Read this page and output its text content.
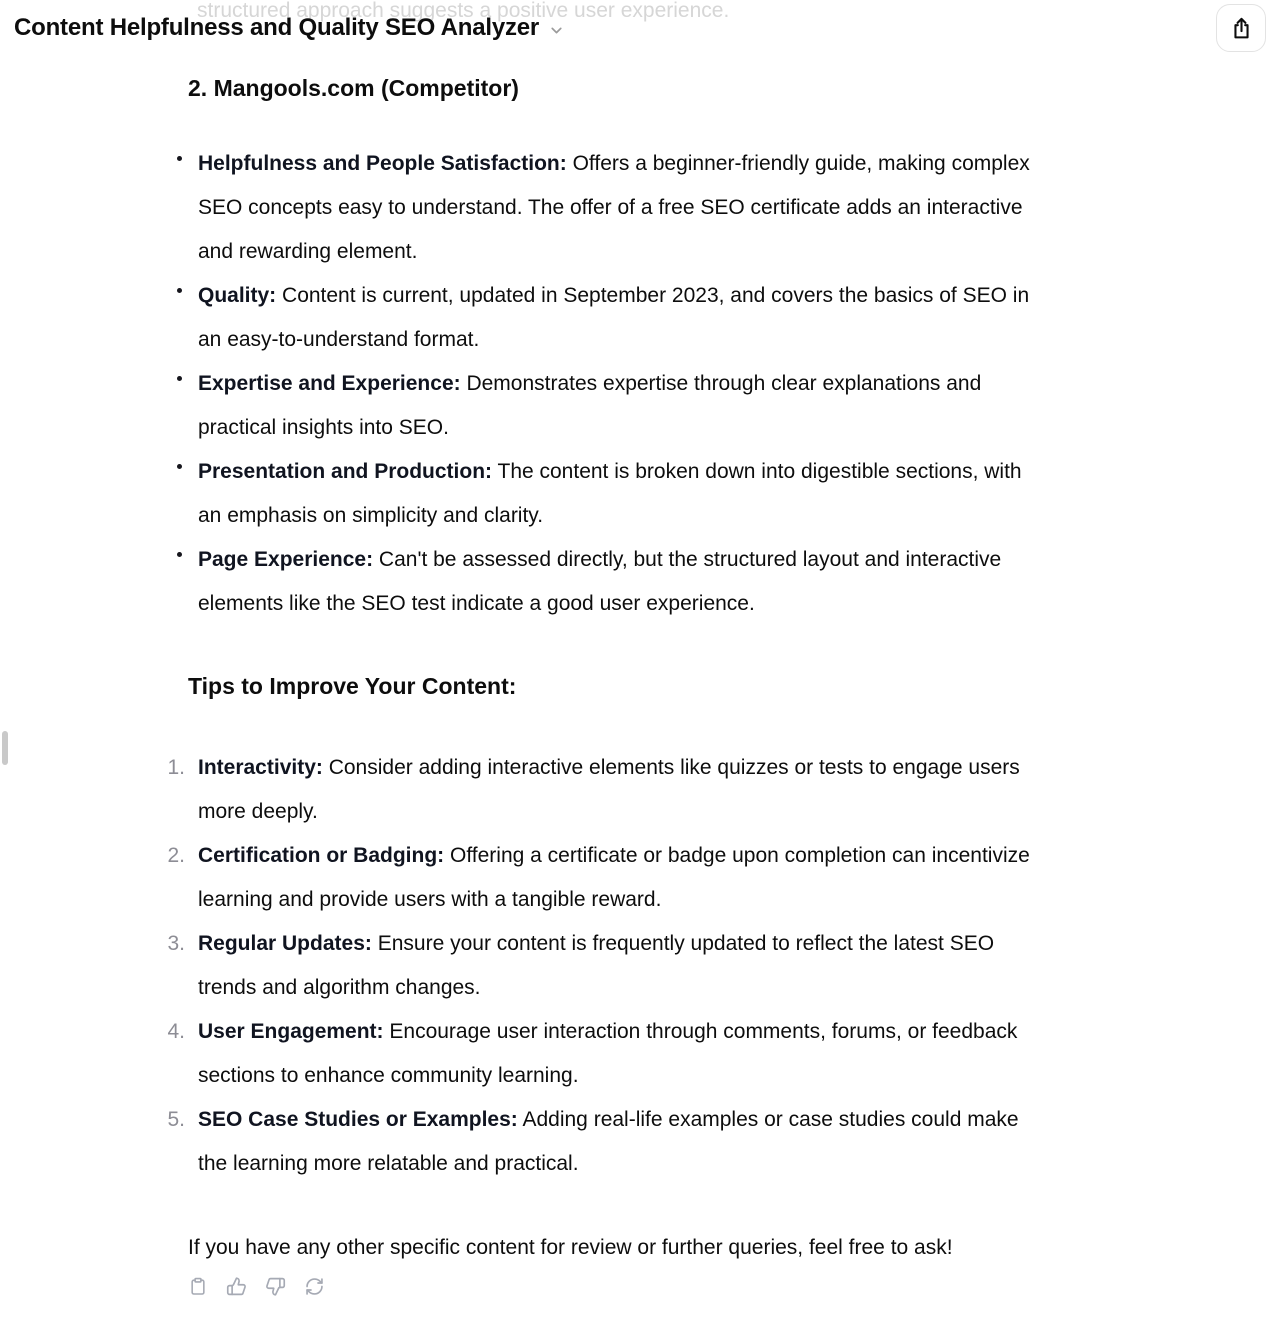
structured approach suggests a positive user experience.
Content Helpfulness and Quality SEO Analyzer
2. Mangools.com (Competitor)
Helpfulness and People Satisfaction: Offers a beginner-friendly guide, making complex SEO concepts easy to understand. The offer of a free SEO certificate adds an interactive and rewarding element.
Quality: Content is current, updated in September 2023, and covers the basics of SEO in an easy-to-understand format.
Expertise and Experience: Demonstrates expertise through clear explanations and practical insights into SEO.
Presentation and Production: The content is broken down into digestible sections, with an emphasis on simplicity and clarity.
Page Experience: Can't be assessed directly, but the structured layout and interactive elements like the SEO test indicate a good user experience.
Tips to Improve Your Content:
1. Interactivity: Consider adding interactive elements like quizzes or tests to engage users more deeply.
2. Certification or Badging: Offering a certificate or badge upon completion can incentivize learning and provide users with a tangible reward.
3. Regular Updates: Ensure your content is frequently updated to reflect the latest SEO trends and algorithm changes.
4. User Engagement: Encourage user interaction through comments, forums, or feedback sections to enhance community learning.
5. SEO Case Studies or Examples: Adding real-life examples or case studies could make the learning more relatable and practical.

If you have any other specific content for review or further queries, feel free to ask!
